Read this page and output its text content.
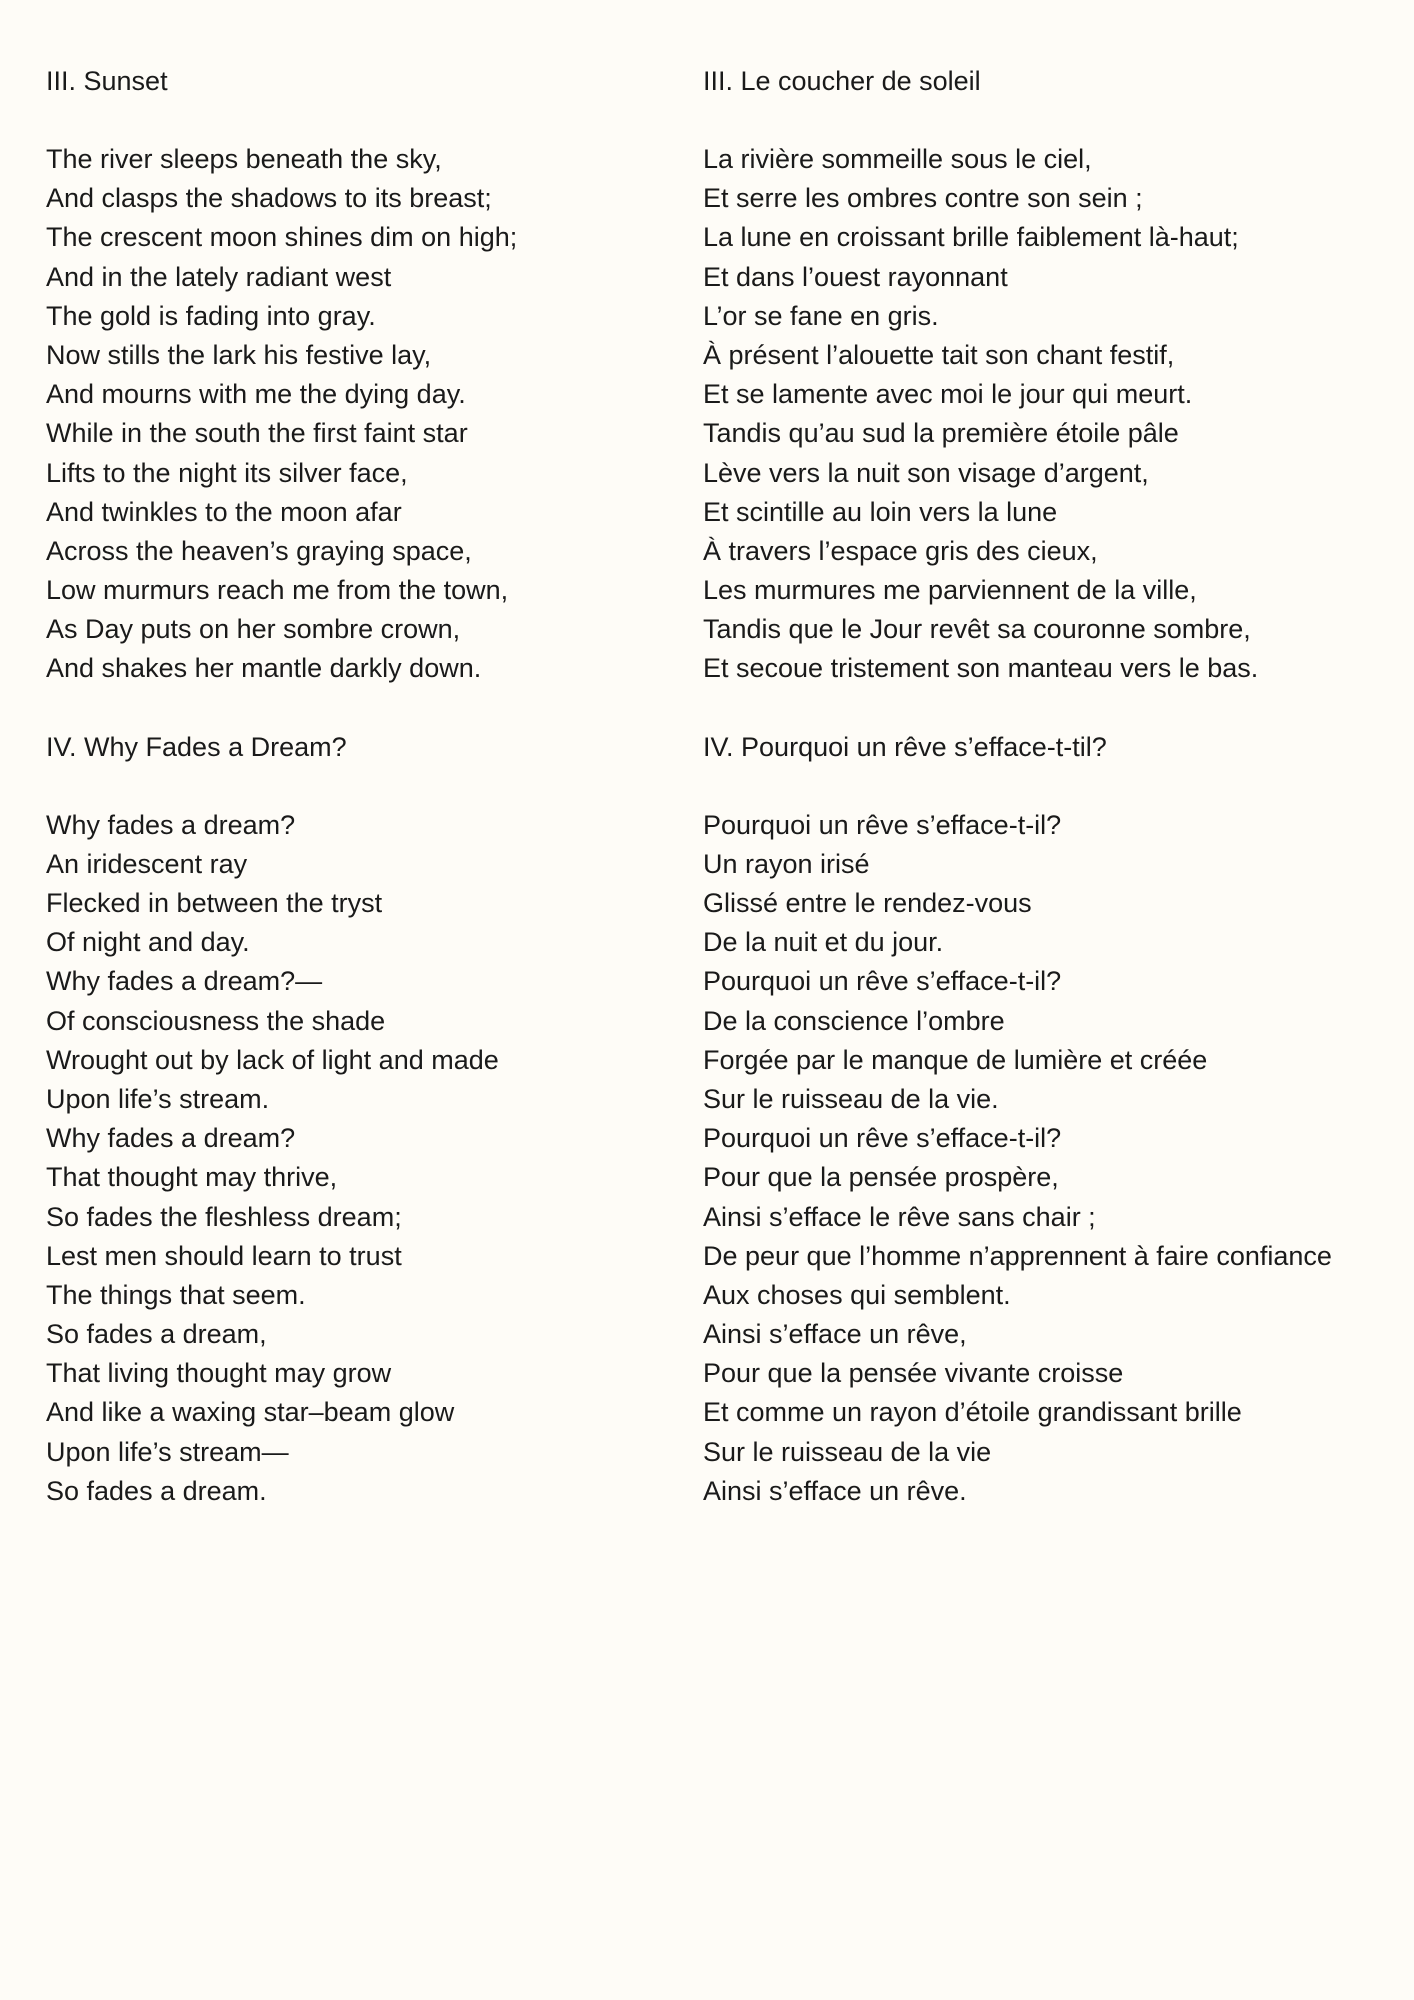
III. Sunset
The river sleeps beneath the sky,
And clasps the shadows to its breast;
The crescent moon shines dim on high;
And in the lately radiant west
The gold is fading into gray.
Now stills the lark his festive lay,
And mourns with me the dying day.
While in the south the first faint star
Lifts to the night its silver face,
And twinkles to the moon afar
Across the heaven’s graying space,
Low murmurs reach me from the town,
As Day puts on her sombre crown,
And shakes her mantle darkly down.
IV. Why Fades a Dream?
Why fades a dream?
An iridescent ray
Flecked in between the tryst
Of night and day.
Why fades a dream?—
Of consciousness the shade
Wrought out by lack of light and made
Upon life’s stream.
Why fades a dream?
That thought may thrive,
So fades the fleshless dream;
Lest men should learn to trust
The things that seem.
So fades a dream,
That living thought may grow
And like a waxing star–beam glow
Upon life’s stream—
So fades a dream.
III. Le coucher de soleil
La rivière sommeille sous le ciel,
Et serre les ombres contre son sein ;
La lune en croissant brille faiblement là-haut;
Et dans l’ouest rayonnant
L’or se fane en gris.
À présent l’alouette tait son chant festif,
Et se lamente avec moi le jour qui meurt.
Tandis qu’au sud la première étoile pâle
Lève vers la nuit son visage d’argent,
Et scintille au loin vers la lune
À travers l’espace gris des cieux,
Les murmures me parviennent de la ville,
Tandis que le Jour revêt sa couronne sombre,
Et secoue tristement son manteau vers le bas.
IV. Pourquoi un rêve s’efface-t-til?
Pourquoi un rêve s’efface-t-il?
Un rayon irisé
Glissé entre le rendez-vous
De la nuit et du jour.
Pourquoi un rêve s’efface-t-il?
De la conscience l’ombre
Forgée par le manque de lumière et créée
Sur le ruisseau de la vie.
Pourquoi un rêve s’efface-t-il?
Pour que la pensée prospère,
Ainsi s’efface le rêve sans chair ;
De peur que l’homme n’apprennent à faire confiance
Aux choses qui semblent.
Ainsi s’efface un rêve,
Pour que la pensée vivante croisse
Et comme un rayon d’étoile grandissant brille
Sur le ruisseau de la vie
Ainsi s’efface un rêve.
